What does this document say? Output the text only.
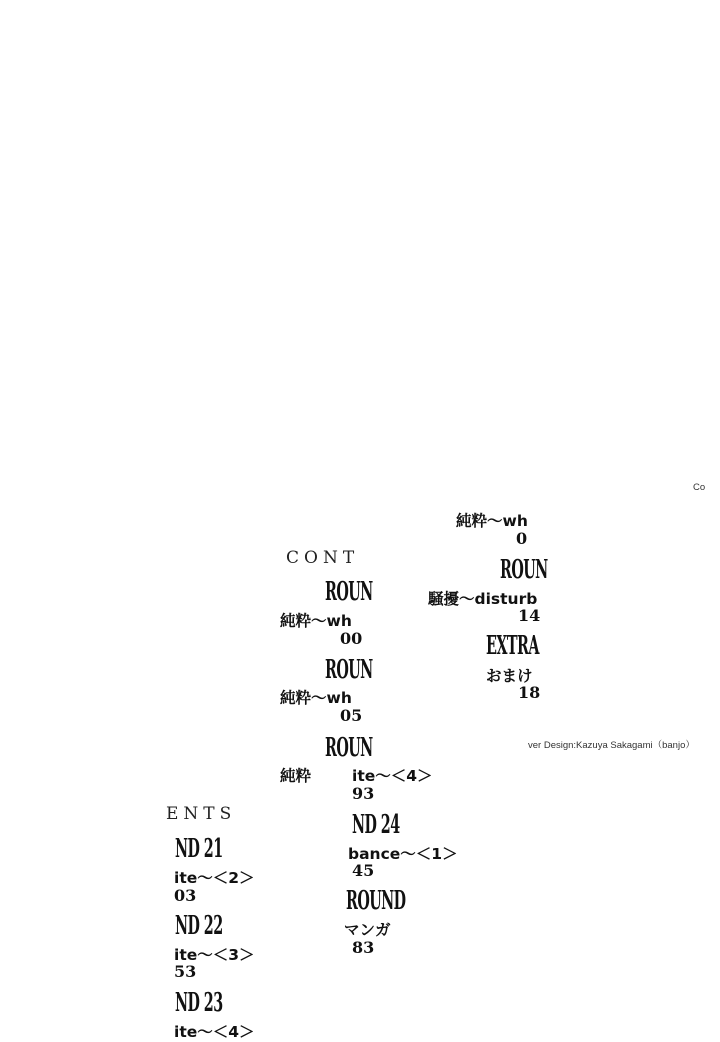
Co
純粋～wh
0
ROUN
騒擾～disturb
14
EXTRA
おまけ
18
ver Design:Kazuya Sakagami（banjo）
CONT
ROUN
純粋～wh
00
ROUN
純粋～wh
05
ROUN
純粋	ite～＜4＞
93
ND 24
bance～＜1＞
45
ROUND
マンガ
83
ENTS
ND 21
ite～＜2＞
03
ND 22
ite～＜3＞
53
ND 23
ite～＜4＞
